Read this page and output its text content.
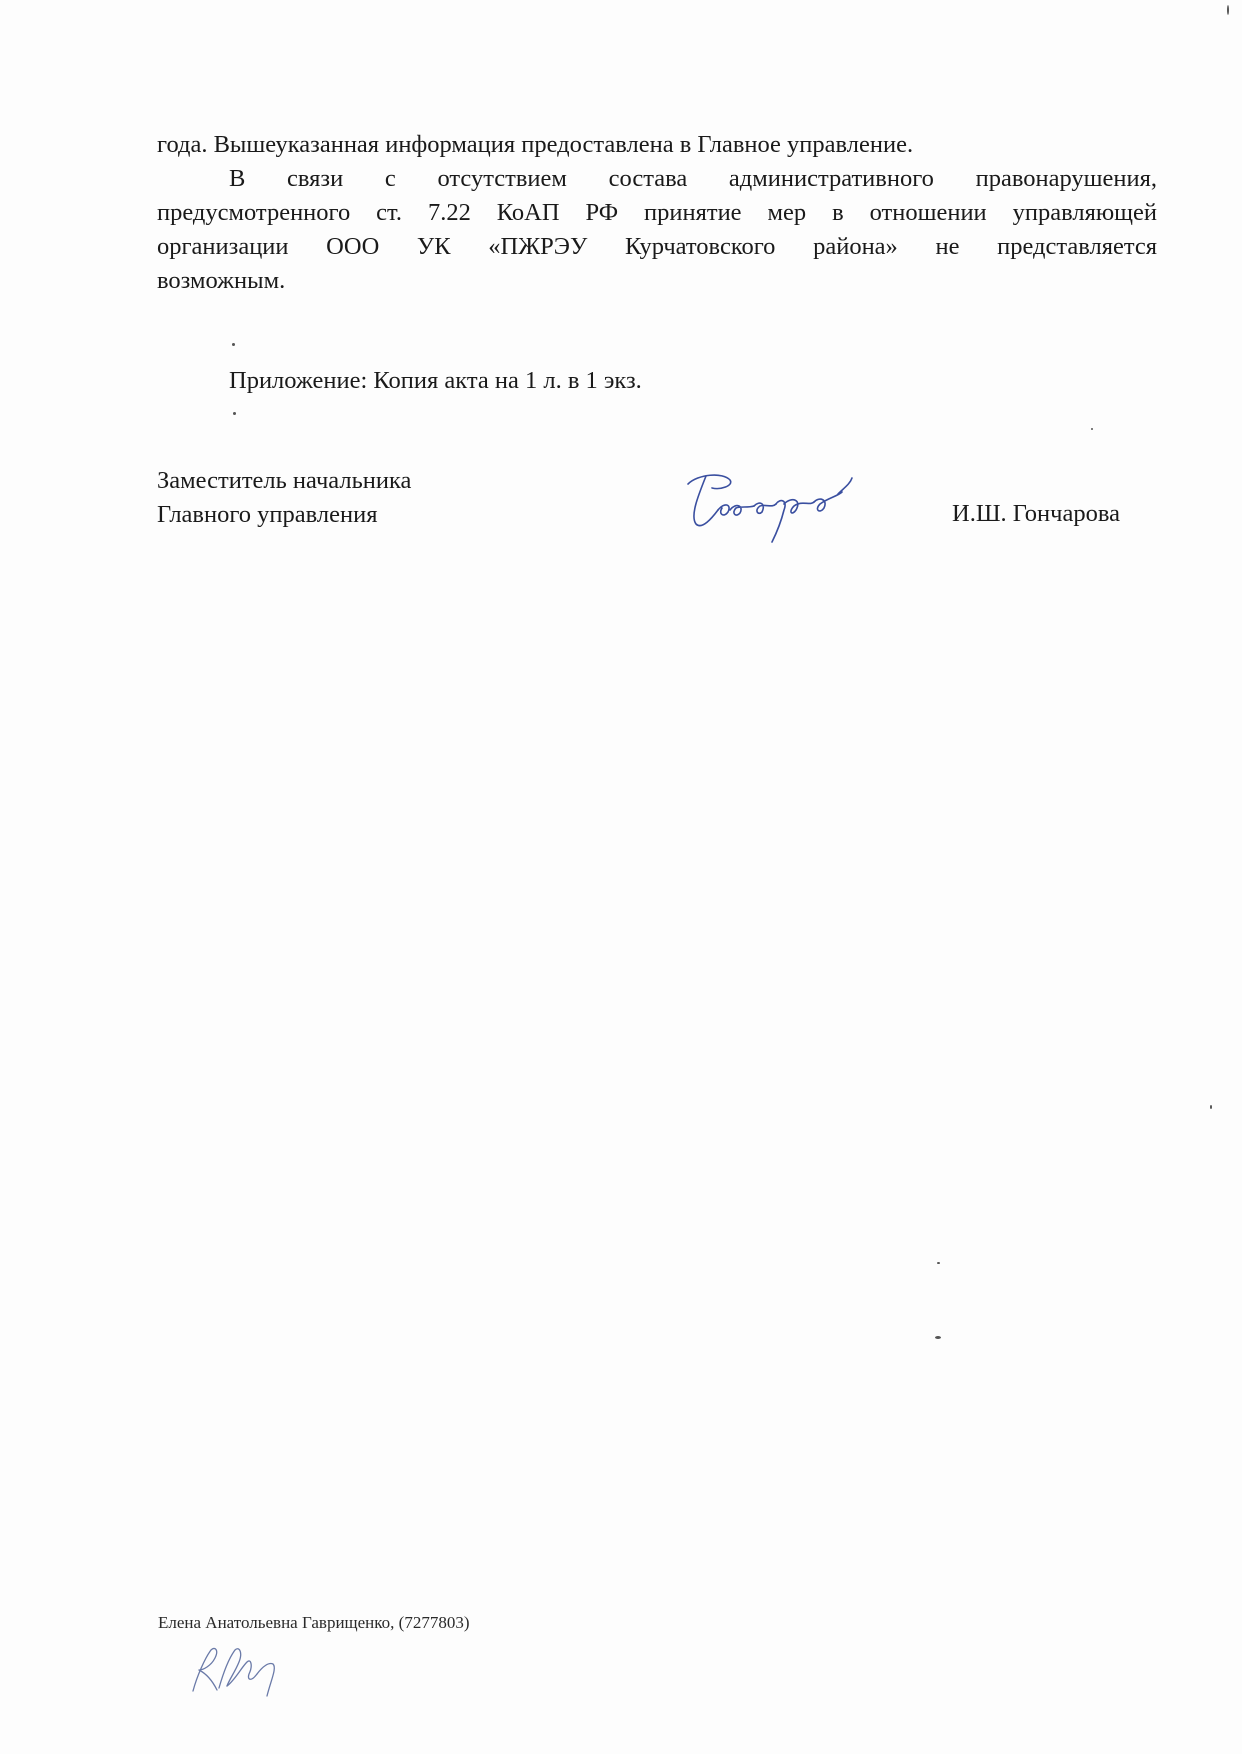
года. Вышеуказанная информация предоставлена в Главное управление.
В связи с отсутствием состава административного правонарушения,
предусмотренного ст. 7.22 КоАП РФ принятие мер в отношении управляющей
организации ООО УК «ПЖРЭУ Курчатовского района» не представляется
возможным.
Приложение: Копия акта на 1 л. в 1 экз.
Заместитель начальника
Главного управления	И.Ш. Гончарова
Елена Анатольевна Гаврищенко, (7277803)
